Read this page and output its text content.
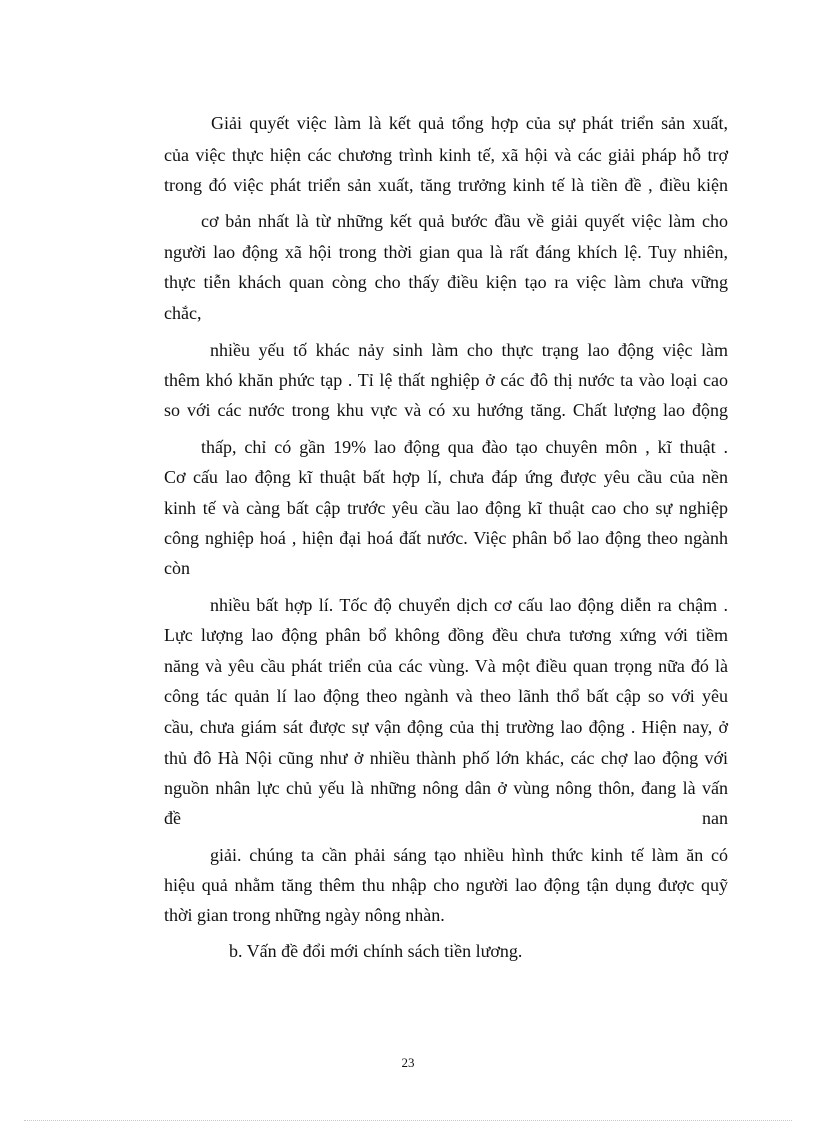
Giải quyết việc làm là kết quả tổng hợp của sự phát triển sản xuất,

của việc thực hiện các chương trình kinh tế, xã hội và các giải pháp hỗ trợ

trong đó việc phát triển sản xuất, tăng trưởng kinh tế là tiền đề , điều kiện

cơ bản nhất là từ những kết quả bước đầu về giải quyết việc làm cho

người lao động xã hội trong thời gian qua là rất đáng khích lệ. Tuy nhiên,

thực tiễn khách quan còng cho thấy điều kiện tạo ra việc làm chưa vững

chắc,

nhiều yếu tố khác nảy sinh làm cho thực trạng lao động việc làm

thêm khó khăn phức tạp . Tỉ lệ thất nghiệp ở các đô thị nước ta vào loại cao

so với các nước trong khu vực và có xu hướng tăng. Chất lượng lao động

thấp, chỉ có gần 19% lao động qua đào tạo chuyên môn , kĩ thuật .

Cơ cấu lao động kĩ thuật bất hợp lí, chưa đáp ứng được yêu cầu của nền

kinh tế và càng bất cập trước yêu cầu lao động kĩ thuật cao cho sự nghiệp

công nghiệp hoá , hiện đại hoá đất nước. Việc phân bổ lao động theo ngành

còn

nhiều bất hợp lí. Tốc độ chuyển dịch cơ cấu lao động diễn ra chậm .

Lực lượng lao động phân bổ không đồng đều chưa tương xứng với tiềm

năng và yêu cầu phát triển của các vùng. Và một điều quan trọng nữa đó là

công tác quản lí lao động theo ngành và theo lãnh thổ bất cập so với yêu

cầu, chưa giám sát được sự vận động của thị trường lao động . Hiện nay, ở

thủ đô Hà Nội cũng như ở nhiều thành phố lớn khác, các chợ lao động với

nguồn nhân lực chủ yếu là những nông dân ở vùng nông thôn, đang là vấn

đề	nan

giải. chúng ta cần phải sáng tạo nhiều hình thức kinh tế làm ăn có

hiệu quả nhằm tăng thêm thu nhập cho người lao động tận dụng được quỹ

thời gian trong những ngày nông nhàn.

b. Vấn đề đổi mới chính sách tiền lương.

23
